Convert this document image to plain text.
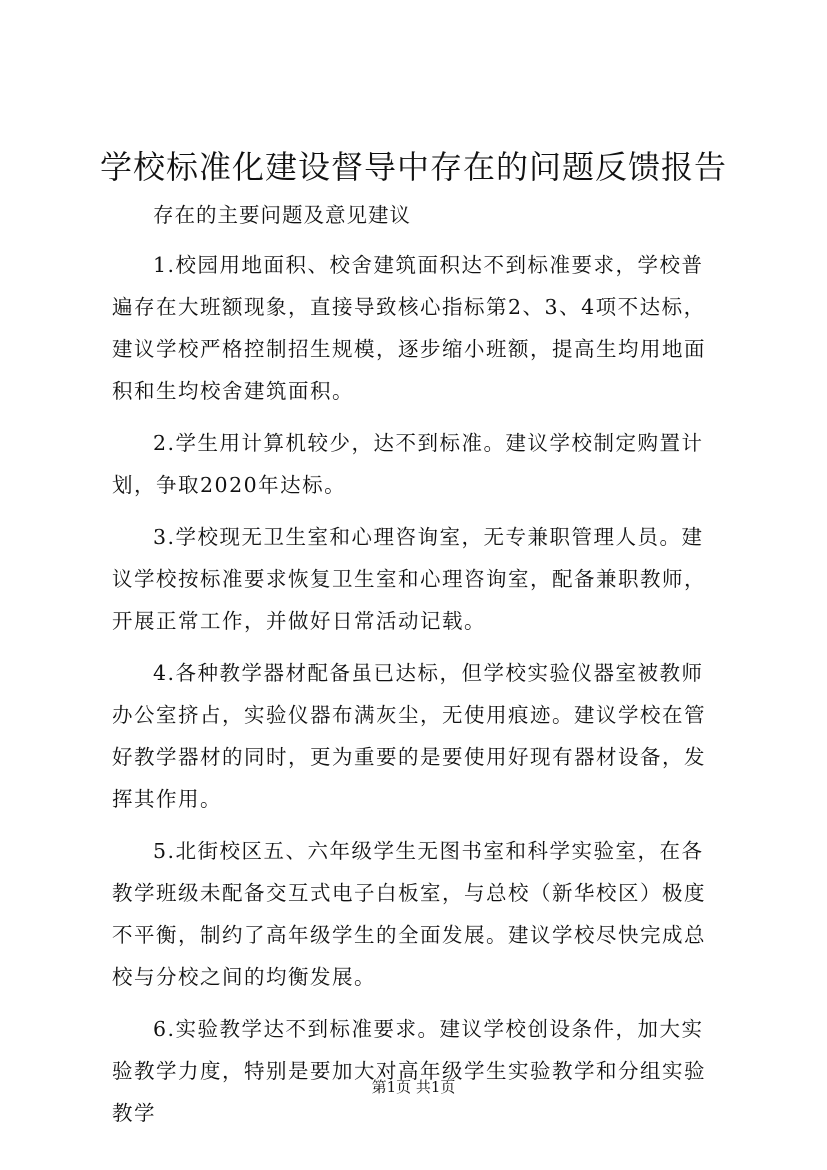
学校标准化建设督导中存在的问题反馈报告

存在的主要问题及意见建议

1.校园用地面积、校舍建筑面积达不到标准要求，学校普遍存在大班额现象，直接导致核心指标第2、3、4项不达标，建议学校严格控制招生规模，逐步缩小班额，提高生均用地面积和生均校舍建筑面积。

2.学生用计算机较少，达不到标准。建议学校制定购置计划，争取2020年达标。

3.学校现无卫生室和心理咨询室，无专兼职管理人员。建议学校按标准要求恢复卫生室和心理咨询室，配备兼职教师，开展正常工作，并做好日常活动记载。

4.各种教学器材配备虽已达标，但学校实验仪器室被教师办公室挤占，实验仪器布满灰尘，无使用痕迹。建议学校在管好教学器材的同时，更为重要的是要使用好现有器材设备，发挥其作用。

5.北街校区五、六年级学生无图书室和科学实验室，在各教学班级未配备交互式电子白板室，与总校（新华校区）极度不平衡，制约了高年级学生的全面发展。建议学校尽快完成总校与分校之间的均衡发展。

6.实验教学达不到标准要求。建议学校创设条件，加大实验教学力度，特别是要加大对高年级学生实验教学和分组实验教学

第1页 共1页
